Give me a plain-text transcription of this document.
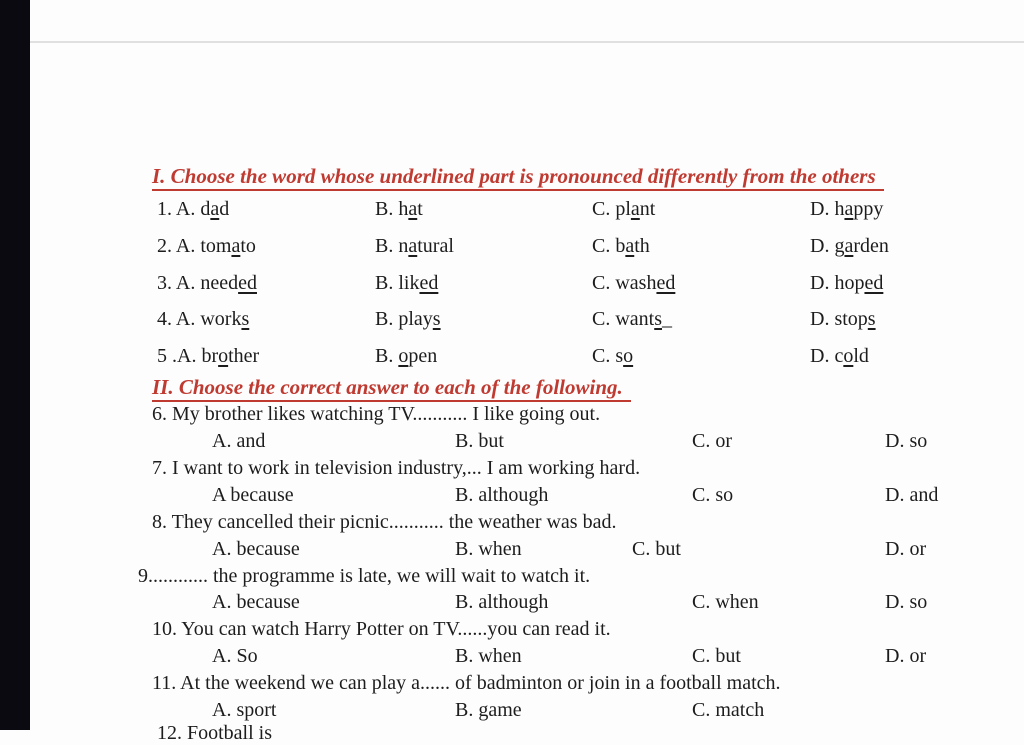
I. Choose the word whose underlined part is pronounced differently from the others
1. A. dad	B. hat	C. plant	D. happy
2. A. tomato	B. natural	C. bath	D. garden
3. A. needed	B. liked	C. washed	D. hoped
4. A. works	B. plays	C. wants_	D. stops
5 .A. brother	B. open	C. so	D. cold
II. Choose the correct answer to each of the following.

6. My brother likes watching TV........... I like going out.

A. and	B. but	C. or	D. so

7. I want to work in television industry,... I am working hard.

A because	B. although	C. so	D. and

8. They cancelled their picnic........... the weather was bad.

A. because	B. when	C. but	D. or

9............ the programme is late, we will wait to watch it.

A. because	B. although	C. when	D. so

10. You can watch Harry Potter on TV......you can read it.

A. So	B. when	C. but	D. or

11. At the weekend we can play a...... of badminton or join in a football match.

A. sport	B. game	C. match
12. Football is
